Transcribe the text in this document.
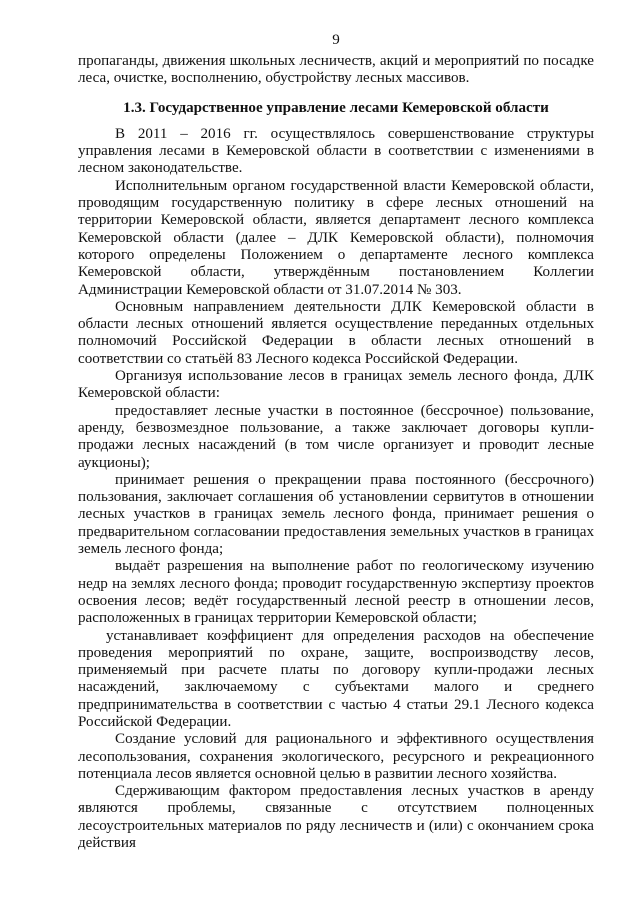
9

пропаганды, движения школьных лесничеств, акций и мероприятий по посадке леса, очистке, восполнению, обустройству лесных массивов.

1.3. Государственное управление лесами Кемеровской области

В 2011 – 2016 гг. осуществлялось совершенствование структуры управления лесами в Кемеровской области в соответствии с изменениями в лесном законодательстве.

Исполнительным органом государственной власти Кемеровской области, проводящим государственную политику в сфере лесных отношений на территории Кемеровской области, является департамент лесного комплекса Кемеровской области (далее – ДЛК Кемеровской области), полномочия которого определены Положением о департаменте лесного комплекса Кемеровской области, утверждённым постановлением Коллегии Администрации Кемеровской области от 31.07.2014 № 303.

Основным направлением деятельности ДЛК Кемеровской области в области лесных отношений является осуществление переданных отдельных полномочий Российской Федерации в области лесных отношений в соответствии со статьёй 83 Лесного кодекса Российской Федерации.

Организуя использование лесов в границах земель лесного фонда, ДЛК Кемеровской области:

предоставляет лесные участки в постоянное (бессрочное) пользование, аренду, безвозмездное пользование, а также заключает договоры купли-продажи лесных насаждений (в том числе организует и проводит лесные аукционы);

принимает решения о прекращении права постоянного (бессрочного) пользования, заключает соглашения об установлении сервитутов в отношении лесных участков в границах земель лесного фонда, принимает решения о предварительном согласовании предоставления земельных участков в границах земель лесного фонда;

выдаёт разрешения на выполнение работ по геологическому изучению недр на землях лесного фонда; проводит государственную экспертизу проектов освоения лесов; ведёт государственный лесной реестр в отношении лесов, расположенных в границах территории Кемеровской области;

устанавливает коэффициент для определения расходов на обеспечение проведения мероприятий по охране, защите, воспроизводству лесов, применяемый при расчете платы по договору купли-продажи лесных насаждений, заключаемому с субъектами малого и среднего предпринимательства в соответствии с частью 4 статьи 29.1 Лесного кодекса Российской Федерации.

Создание условий для рационального и эффективного осуществления лесопользования, сохранения экологического, ресурсного и рекреационного потенциала лесов является основной целью в развитии лесного хозяйства.

Сдерживающим фактором предоставления лесных участков в аренду являются проблемы, связанные с отсутствием полноценных лесоустроительных материалов по ряду лесничеств и (или) с окончанием срока действия
